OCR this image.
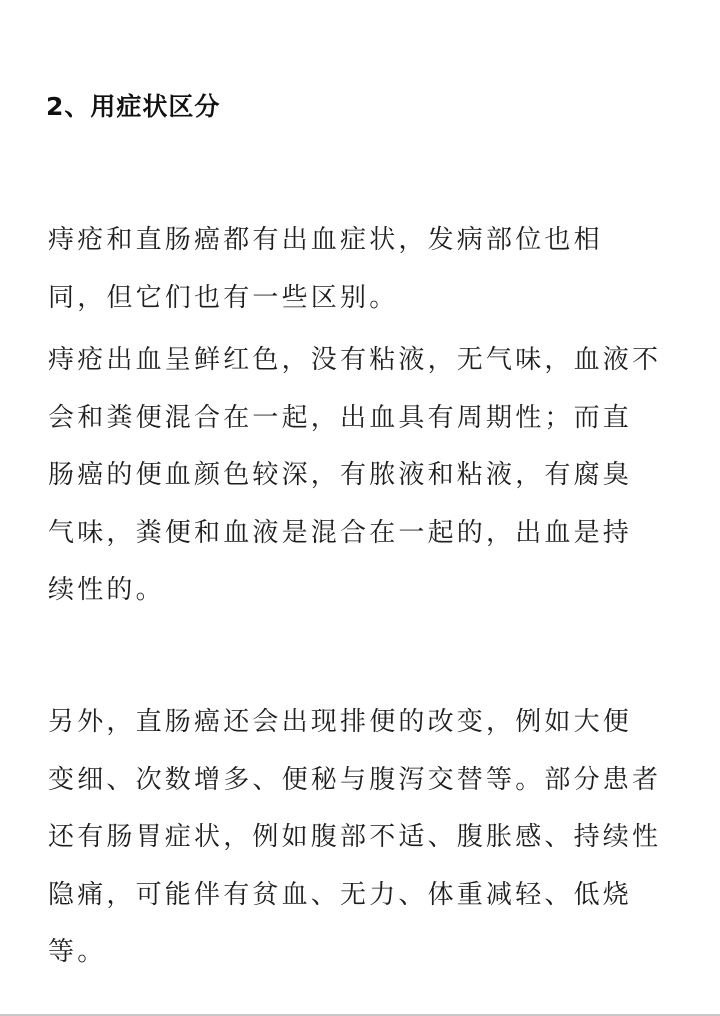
2、用症状区分

痔疮和直肠癌都有出血症状，发病部位也相
同，但它们也有一些区别。

痔疮出血呈鲜红色，没有粘液，无气味，血液不
会和粪便混合在一起，出血具有周期性；而直
肠癌的便血颜色较深，有脓液和粘液，有腐臭
气味，粪便和血液是混合在一起的，出血是持
续性的。

另外，直肠癌还会出现排便的改变，例如大便
变细、次数增多、便秘与腹泻交替等。部分患者
还有肠胃症状，例如腹部不适、腹胀感、持续性
隐痛，可能伴有贫血、无力、体重减轻、低烧
等。
